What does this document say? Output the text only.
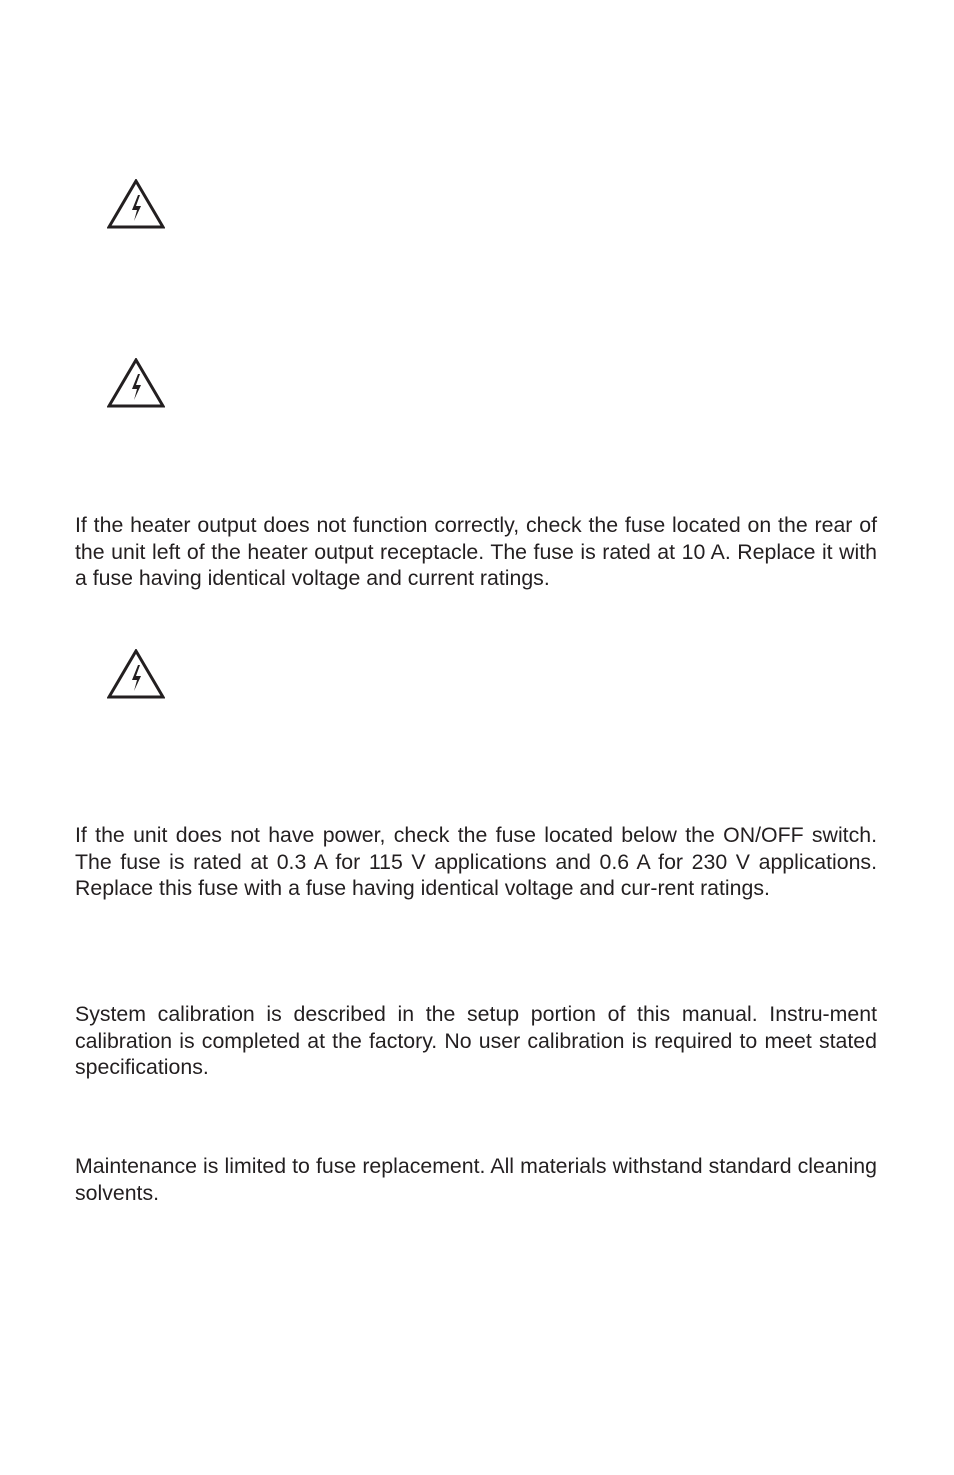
If the heater output does not function correctly, check the fuse located on the rear of the unit left of the heater output receptacle. The fuse is rated at 10 A. Replace it with a fuse having identical voltage and current ratings.

If the unit does not have power, check the fuse located below the ON/OFF switch. The fuse is rated at 0.3 A for 115 V applications and 0.6 A for 230 V applications. Replace this fuse with a fuse having identical voltage and cur-rent ratings.

System calibration is described in the setup portion of this manual. Instru-ment calibration is completed at the factory. No user calibration is required to meet stated specifications.

Maintenance is limited to fuse replacement. All materials withstand standard cleaning solvents.
